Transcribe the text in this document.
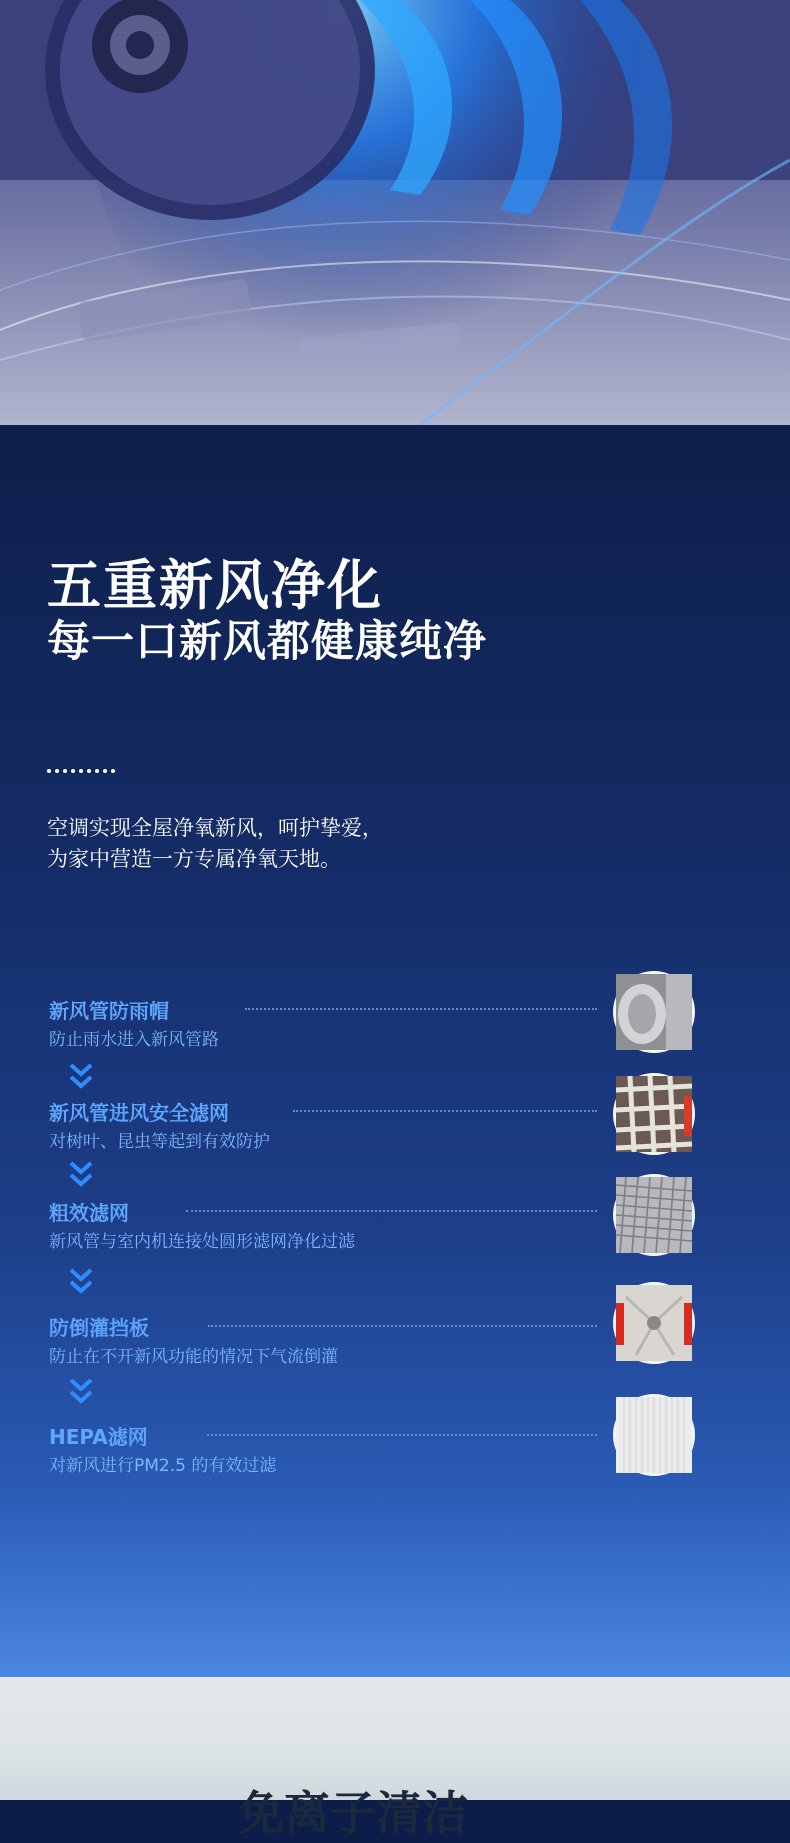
五重新风净化
每一口新风都健康纯净

空调实现全屋净氧新风，呵护挚爱，
为家中营造一方专属净氧天地。

新风管防雨帽
防止雨水进入新风管路
新风管进风安全滤网
对树叶、昆虫等起到有效防护
粗效滤网
新风管与室内机连接处圆形滤网净化过滤
防倒灌挡板
防止在不开新风功能的情况下气流倒灌
HEPA滤网
对新风进行PM2.5 的有效过滤
免离子清洁
